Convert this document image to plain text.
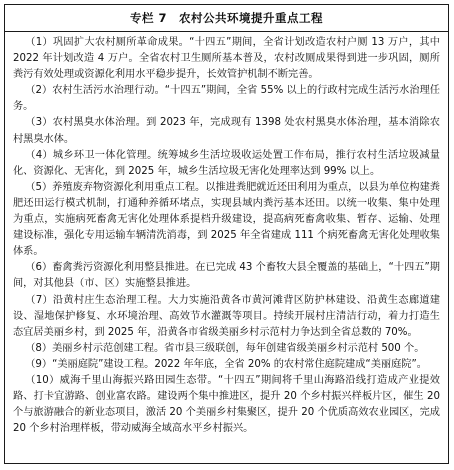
专栏 7　农村公共环境提升重点工程

（1）巩固扩大农村厕所革命成果。“十四五”期间，全省计划改造农村户厕 13 万户，其中 2022 年计划改造 4 万户。全省农村卫生厕所基本普及，农村改厕成果得到进一步巩固，厕所粪污有效处理或资源化利用水平稳步提升，长效管护机制不断完善。

（2）农村生活污水治理行动。“十四五”期间，全省 55% 以上的行政村完成生活污水治理任务。

（3）农村黑臭水体治理。到 2023 年，完成现有 1398 处农村黑臭水体治理，基本消除农村黑臭水体。

（4）城乡环卫一体化管理。统筹城乡生活垃圾收运处置工作布局，推行农村生活垃圾减量化、资源化、无害化，到 2025 年，城乡生活垃圾无害化处理率达到 99% 以上。

（5）养殖废弃物资源化利用重点工程。以推进粪肥就近还田利用为重点，以县为单位构建粪肥还田运行模式机制，打通种养循环堵点，实现县域内粪污基本还田。以统一收集、集中处理为重点，实施病死畜禽无害化处理体系提档升级建设，提高病死畜禽收集、暂存、运输、处理建设标准，强化专用运输车辆清洗消毒，到 2025 年全省建成 111 个病死畜禽无害化处理收集体系。

（6）畜禽粪污资源化利用整县推进。在已完成 43 个畜牧大县全覆盖的基础上，“十四五”期间，对其他县（市、区）实施整县推进。

（7）沿黄村庄生态治理工程。大力实施沿黄各市黄河滩背区防护林建设、沿黄生态廊道建设、湿地保护修复、水环境治理、高效节水灌溉等项目。持续开展村庄清洁行动，着力打造生态宜居美丽乡村，到 2025 年，沿黄各市省级美丽乡村示范村力争达到全省总数的 70%。

（8）美丽乡村示范创建工程。省市县三级联创，每年创建省级美丽乡村示范村 500 个。

（9）“美丽庭院”建设工程。2022 年年底，全省 20% 的农村常住庭院建成“美丽庭院”。

（10）威海千里山海振兴路田园生态带。“十四五”期间将千里山海路沿线打造成产业提效路、打卡宜游路、创业富农路。建设两个集中推进区，提升 20 个乡村振兴样板片区，催生 20 个与旅游融合的新业态项目，激活 20 个美丽乡村集聚区，提升 20 个优质高效农业园区，完成 20 个乡村治理样板，带动威海全域高水平乡村振兴。
